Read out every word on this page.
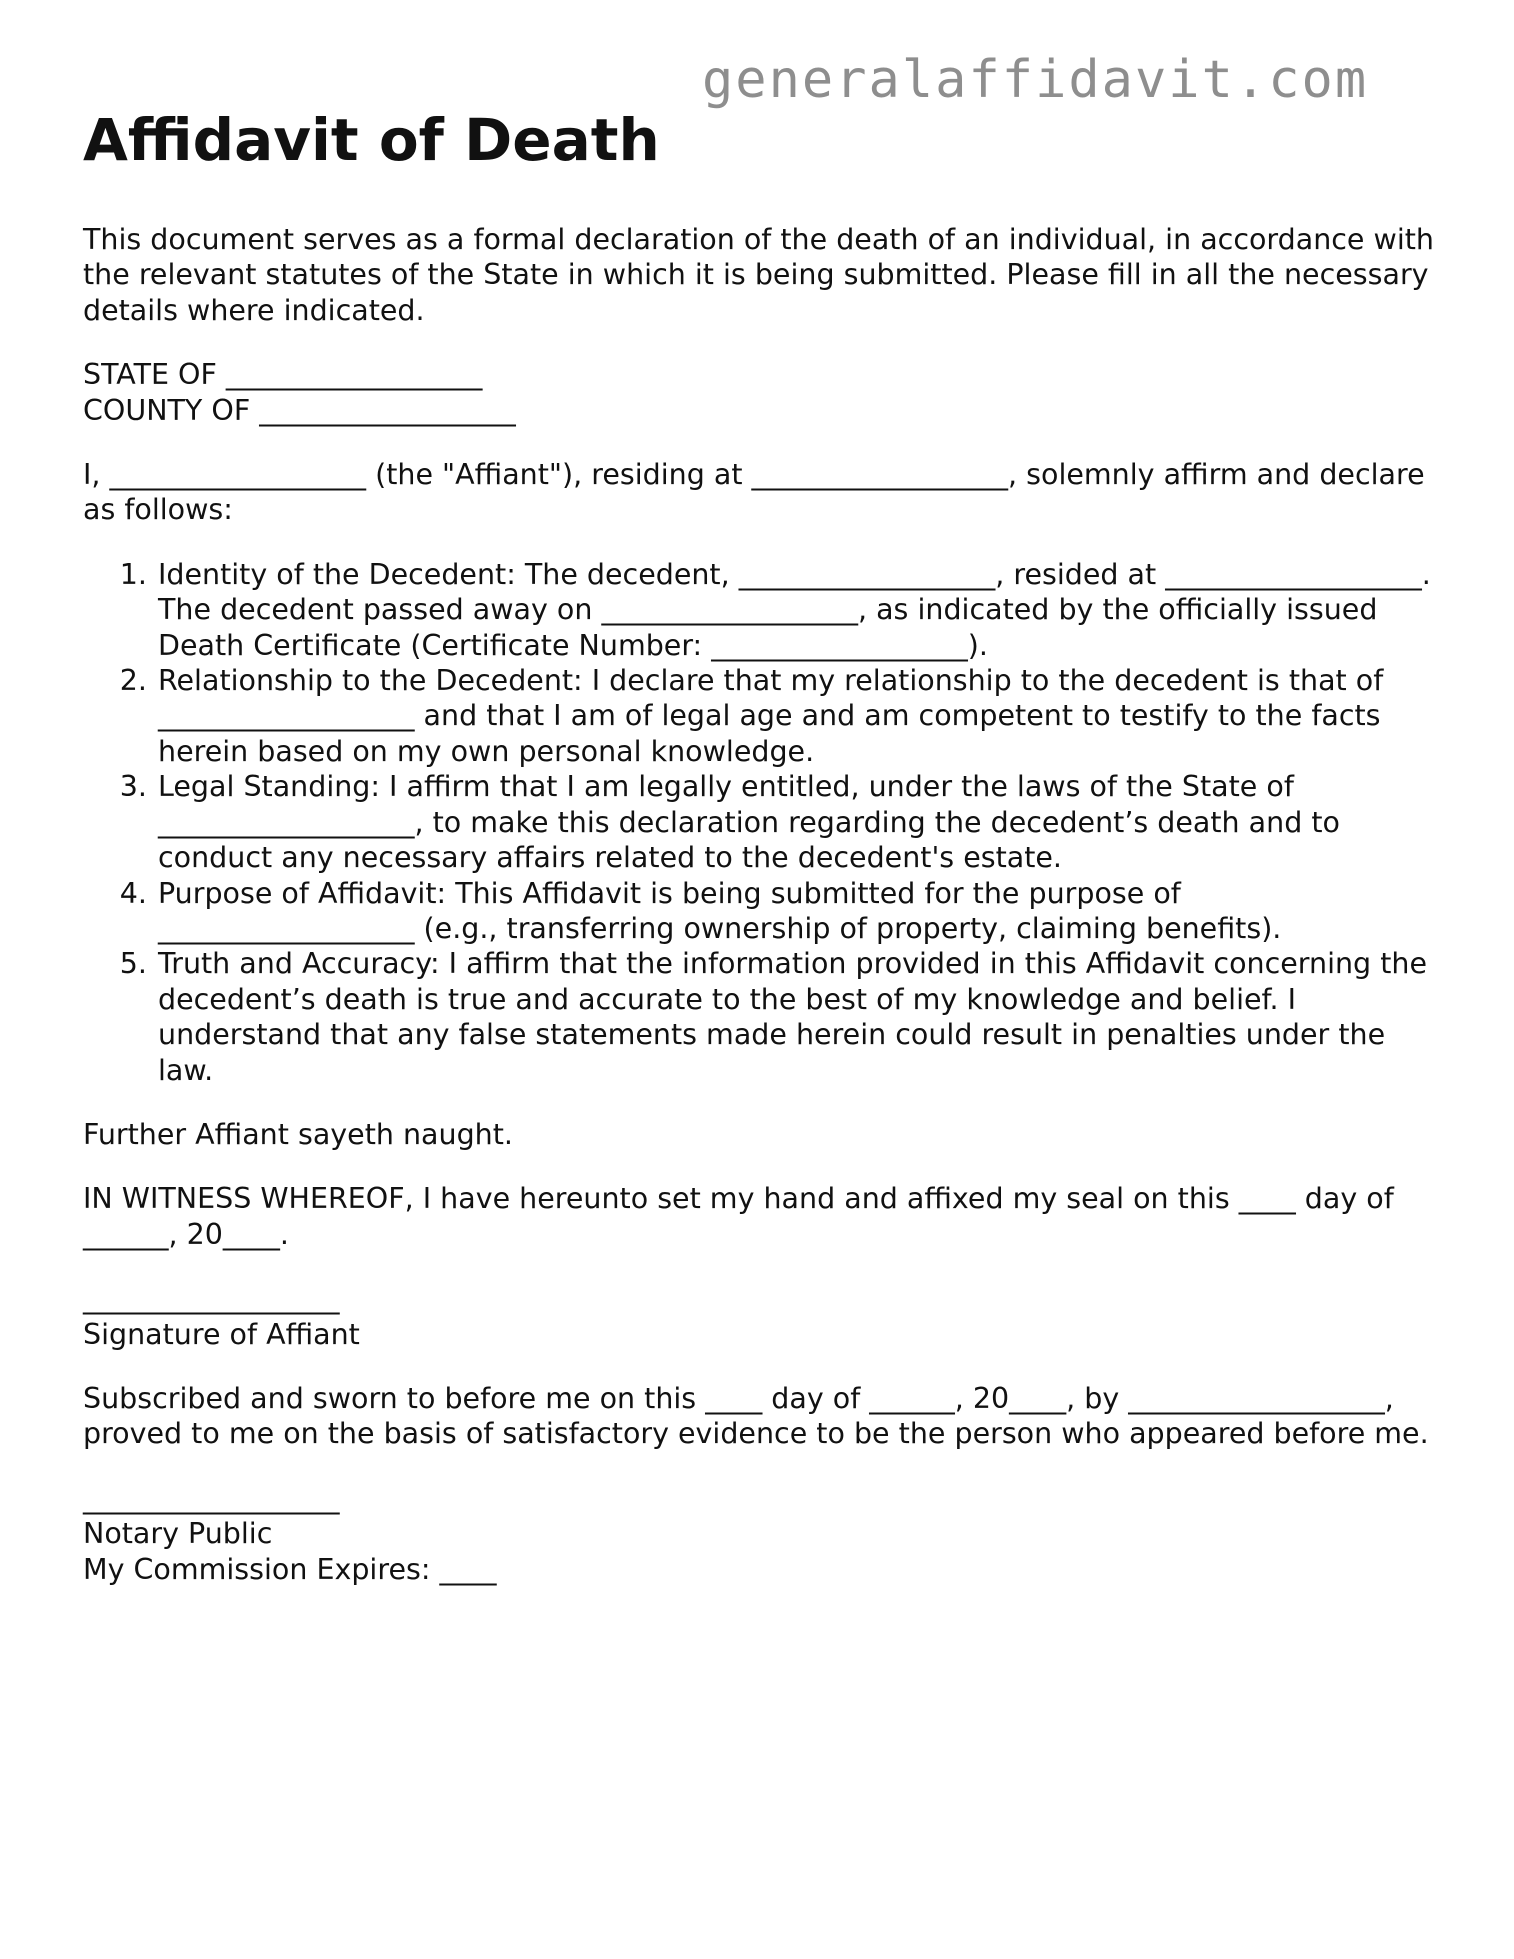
generalaffidavit.com
Affidavit of Death

This document serves as a formal declaration of the death of an individual, in accordance with the relevant statutes of the State in which it is being submitted. Please fill in all the necessary details where indicated.

STATE OF __________________
COUNTY OF __________________

I, __________________ (the "Affiant"), residing at __________________, solemnly affirm and declare as follows:

1. Identity of the Decedent: The decedent, __________________, resided at __________________. The decedent passed away on __________________, as indicated by the officially issued Death Certificate (Certificate Number: __________________).
2. Relationship to the Decedent: I declare that my relationship to the decedent is that of __________________ and that I am of legal age and am competent to testify to the facts herein based on my own personal knowledge.
3. Legal Standing: I affirm that I am legally entitled, under the laws of the State of __________________, to make this declaration regarding the decedent’s death and to conduct any necessary affairs related to the decedent's estate.
4. Purpose of Affidavit: This Affidavit is being submitted for the purpose of __________________ (e.g., transferring ownership of property, claiming benefits).
5. Truth and Accuracy: I affirm that the information provided in this Affidavit concerning the decedent’s death is true and accurate to the best of my knowledge and belief. I understand that any false statements made herein could result in penalties under the law.

Further Affiant sayeth naught.

IN WITNESS WHEREOF, I have hereunto set my hand and affixed my seal on this ____ day of ______, 20____.

__________________
Signature of Affiant

Subscribed and sworn to before me on this ____ day of ______, 20____, by __________________, proved to me on the basis of satisfactory evidence to be the person who appeared before me.

__________________
Notary Public
My Commission Expires: ____
